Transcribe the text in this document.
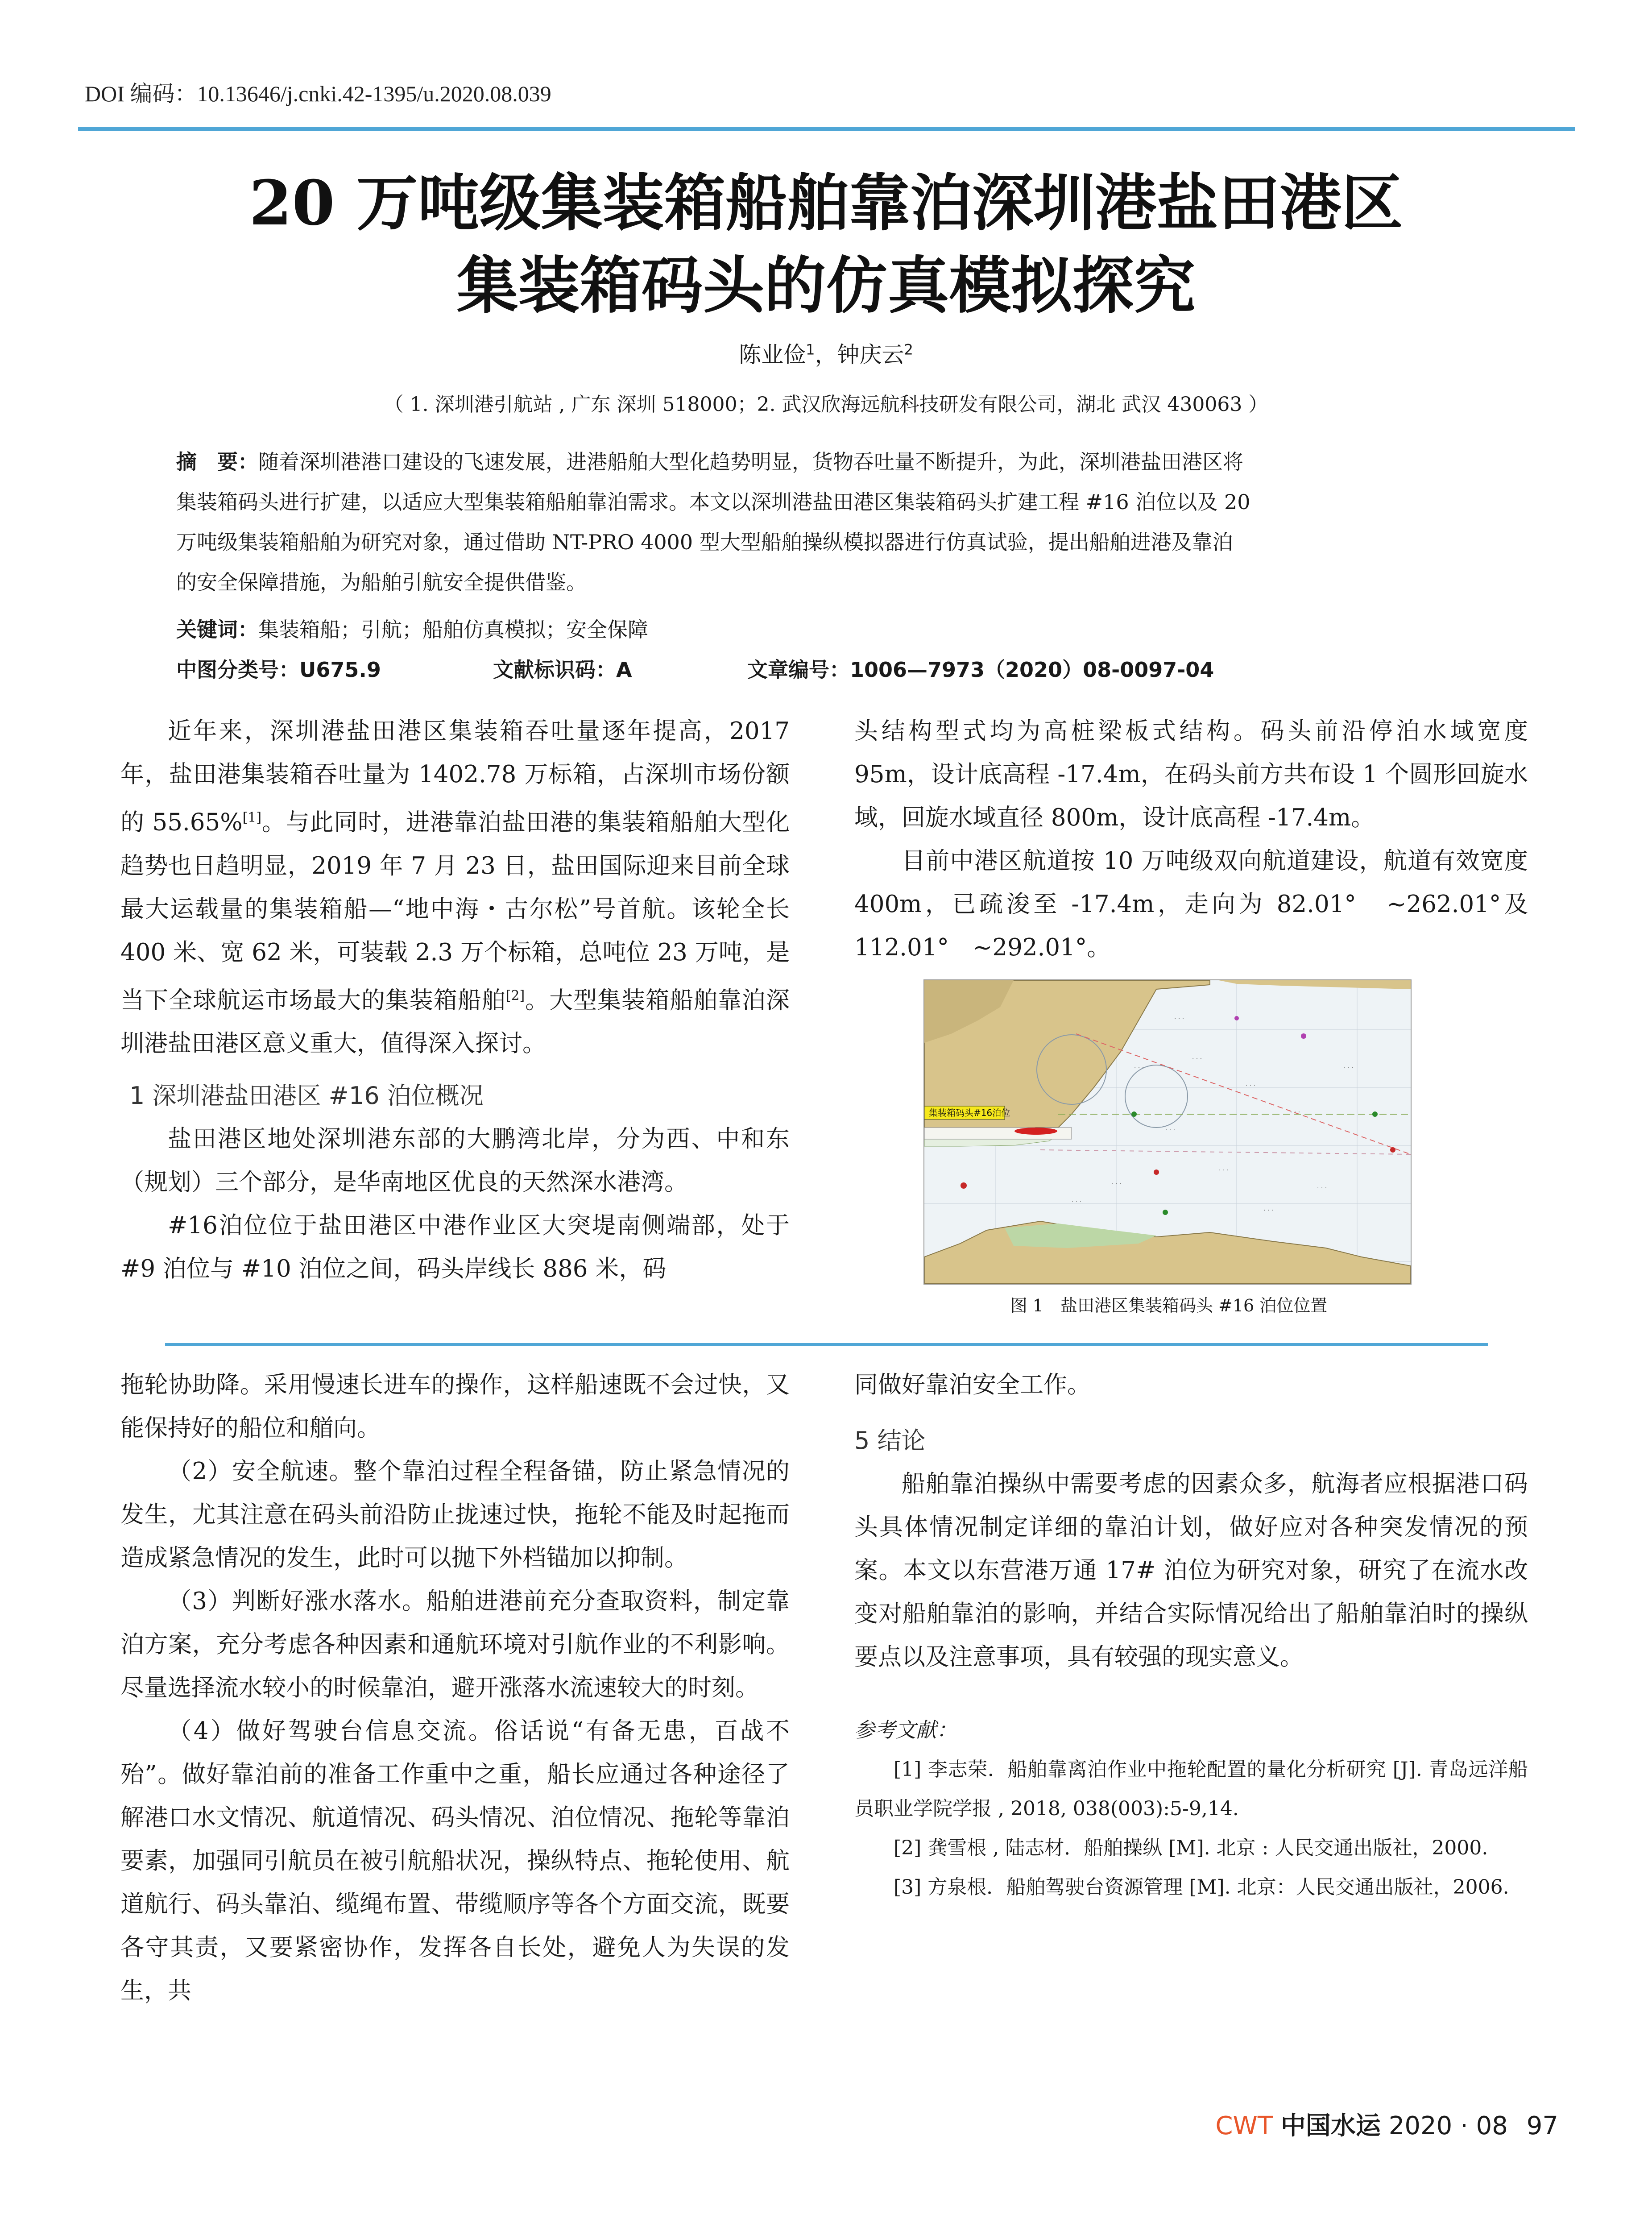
DOI 编码：10.13646/j.cnki.42-1395/u.2020.08.039
20 万吨级集装箱船舶靠泊深圳港盐田港区
集装箱码头的仿真模拟探究
陈业俭$^1$，钟庆云$^2$
（ 1. 深圳港引航站 , 广东 深圳 518000；2. 武汉欣海远航科技研发有限公司，湖北 武汉 430063 ）
摘　要：随着深圳港港口建设的飞速发展，进港船舶大型化趋势明显，货物吞吐量不断提升，为此，深圳港盐田港区将
集装箱码头进行扩建，以适应大型集装箱船舶靠泊需求。本文以深圳港盐田港区集装箱码头扩建工程 #16 泊位以及 20
万吨级集装箱船舶为研究对象，通过借助 NT-PRO 4000 型大型船舶操纵模拟器进行仿真试验，提出船舶进港及靠泊
的安全保障措施，为船舶引航安全提供借鉴。
关键词：集装箱船；引航；船舶仿真模拟；安全保障
中图分类号：U675.9	文献标识码：A	文章编号：1006—7973（2020）08-0097-04

近年来，深圳港盐田港区集装箱吞吐量逐年提高，2017 年，盐田港集装箱吞吐量为 1402.78 万标箱，占深圳市场份额的 55.65%[1]。与此同时，进港靠泊盐田港的集装箱船舶大型化趋势也日趋明显，2019 年 7 月 23 日，盐田国际迎来目前全球最大运载量的集装箱船—“地中海・古尔松”号首航。该轮全长 400 米、宽 62 米，可装载 2.3 万个标箱，总吨位 23 万吨，是当下全球航运市场最大的集装箱船舶[2]。大型集装箱船舶靠泊深圳港盐田港区意义重大，值得深入探讨。

1 深圳港盐田港区 #16 泊位概况

盐田港区地处深圳港东部的大鹏湾北岸，分为西、中和东（规划）三个部分，是华南地区优良的天然深水港湾。

#16泊位位于盐田港区中港作业区大突堤南侧端部，处于 #9 泊位与 #10 泊位之间，码头岸线长 886 米，码

头结构型式均为高桩梁板式结构。码头前沿停泊水域宽度 95m，设计底高程 -17.4m，在码头前方共布设 1 个圆形回旋水域，回旋水域直径 800m，设计底高程 -17.4m。

目前中港区航道按 10 万吨级双向航道建设，航道有效宽度 400m，已疏浚至 -17.4m，走向为 82.01°　~262.01°及 112.01°　~292.01°。

集装箱码头#16泊位
· · ·
· · ·
· · ·
· · ·
· · ·
· · ·
· · ·
· · ·
· · ·
· · ·
· · ·
· · ·
图 1　盐田港区集装箱码头 #16 泊位位置

拖轮协助降。采用慢速长进车的操作，这样船速既不会过快，又能保持好的船位和艏向。

（2）安全航速。整个靠泊过程全程备锚，防止紧急情况的发生，尤其注意在码头前沿防止拢速过快，拖轮不能及时起拖而造成紧急情况的发生，此时可以抛下外档锚加以抑制。

（3）判断好涨水落水。船舶进港前充分查取资料，制定靠泊方案，充分考虑各种因素和通航环境对引航作业的不利影响。尽量选择流水较小的时候靠泊，避开涨落水流速较大的时刻。

（4）做好驾驶台信息交流。俗话说“有备无患，百战不殆”。做好靠泊前的准备工作重中之重，船长应通过各种途径了解港口水文情况、航道情况、码头情况、泊位情况、拖轮等靠泊要素，加强同引航员在被引航船状况，操纵特点、拖轮使用、航道航行、码头靠泊、缆绳布置、带缆顺序等各个方面交流，既要各守其责，又要紧密协作，发挥各自长处，避免人为失误的发生，共

同做好靠泊安全工作。

5 结论

船舶靠泊操纵中需要考虑的因素众多，航海者应根据港口码头具体情况制定详细的靠泊计划，做好应对各种突发情况的预案。本文以东营港万通 17# 泊位为研究对象，研究了在流水改变对船舶靠泊的影响，并结合实际情况给出了船舶靠泊时的操纵要点以及注意事项，具有较强的现实意义。

参考文献：

[1] 李志荣．船舶靠离泊作业中拖轮配置的量化分析研究 [J]. 青岛远洋船员职业学院学报 , 2018, 038(003):5-9,14.

[2] 龚雪根 , 陆志材．船舶操纵 [M]. 北京 : 人民交通出版社，2000.

[3] 方泉根．船舶驾驶台资源管理 [M]. 北京：人民交通出版社，2006.

CWT 中国水运 2020 · 08 97
